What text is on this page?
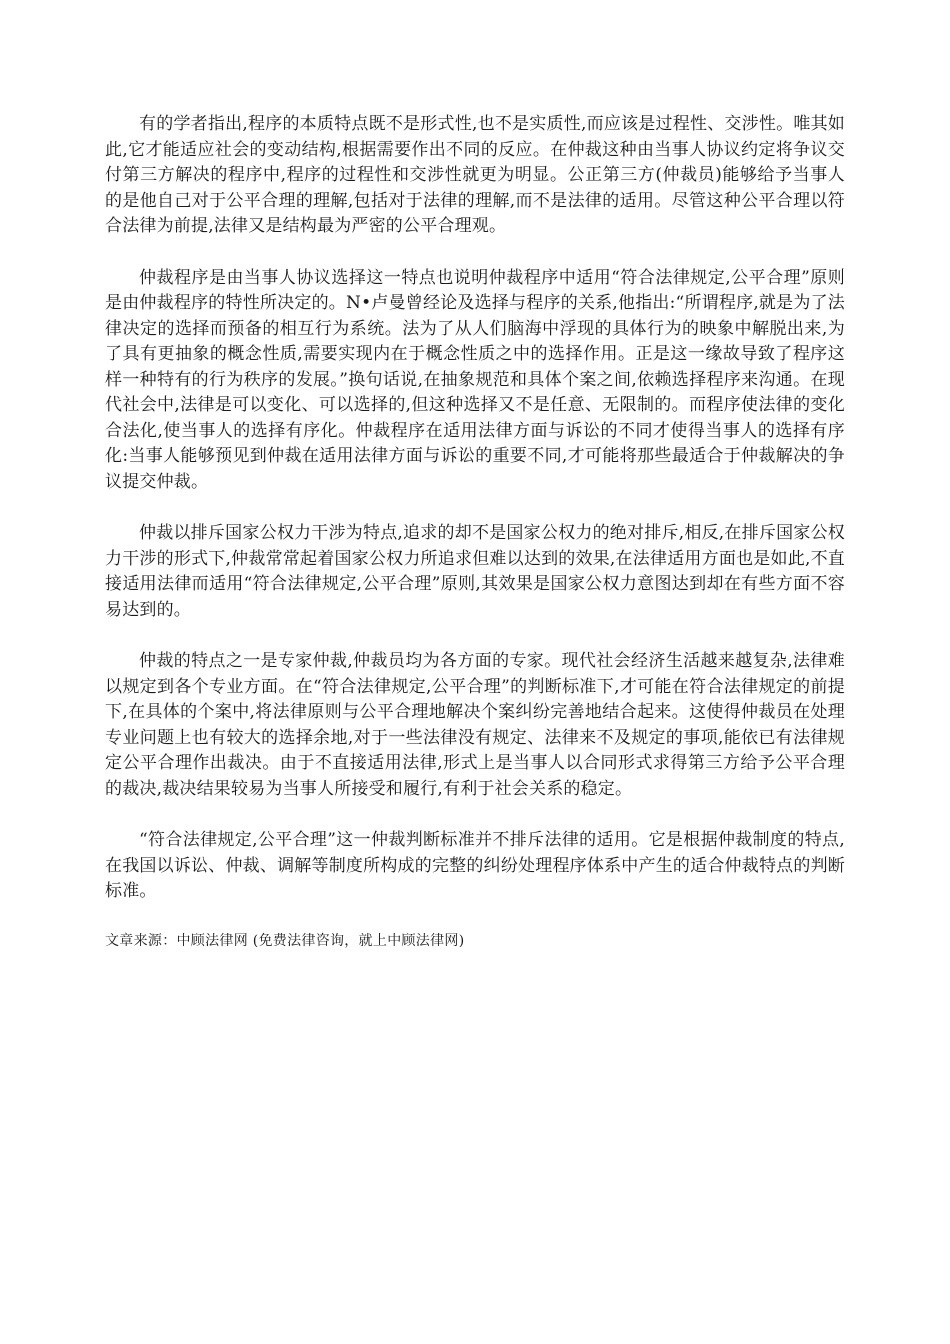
有的学者指出,程序的本质特点既不是形式性,也不是实质性,而应该是过程性、交涉性。唯其如此,它才能适应社会的变动结构,根据需要作出不同的反应。在仲裁这种由当事人协议约定将争议交付第三方解决的程序中,程序的过程性和交涉性就更为明显。公正第三方(仲裁员)能够给予当事人的是他自己对于公平合理的理解,包括对于法律的理解,而不是法律的适用。尽管这种公平合理以符合法律为前提,法律又是结构最为严密的公平合理观。

仲裁程序是由当事人协议选择这一特点也说明仲裁程序中适用“符合法律规定,公平合理”原则是由仲裁程序的特性所决定的。N•卢曼曾经论及选择与程序的关系,他指出:“所谓程序,就是为了法律决定的选择而预备的相互行为系统。法为了从人们脑海中浮现的具体行为的映象中解脱出来,为了具有更抽象的概念性质,需要实现内在于概念性质之中的选择作用。正是这一缘故导致了程序这样一种特有的行为秩序的发展。”换句话说,在抽象规范和具体个案之间,依赖选择程序来沟通。在现代社会中,法律是可以变化、可以选择的,但这种选择又不是任意、无限制的。而程序使法律的变化合法化,使当事人的选择有序化。仲裁程序在适用法律方面与诉讼的不同才使得当事人的选择有序化:当事人能够预见到仲裁在适用法律方面与诉讼的重要不同,才可能将那些最适合于仲裁解决的争议提交仲裁。

仲裁以排斥国家公权力干涉为特点,追求的却不是国家公权力的绝对排斥,相反,在排斥国家公权力干涉的形式下,仲裁常常起着国家公权力所追求但难以达到的效果,在法律适用方面也是如此,不直接适用法律而适用“符合法律规定,公平合理”原则,其效果是国家公权力意图达到却在有些方面不容易达到的。

仲裁的特点之一是专家仲裁,仲裁员均为各方面的专家。现代社会经济生活越来越复杂,法律难以规定到各个专业方面。在“符合法律规定,公平合理”的判断标准下,才可能在符合法律规定的前提下,在具体的个案中,将法律原则与公平合理地解决个案纠纷完善地结合起来。这使得仲裁员在处理专业问题上也有较大的选择余地,对于一些法律没有规定、法律来不及规定的事项,能依已有法律规定公平合理作出裁决。由于不直接适用法律,形式上是当事人以合同形式求得第三方给予公平合理的裁决,裁决结果较易为当事人所接受和履行,有利于社会关系的稳定。

“符合法律规定,公平合理”这一仲裁判断标准并不排斥法律的适用。它是根据仲裁制度的特点,在我国以诉讼、仲裁、调解等制度所构成的完整的纠纷处理程序体系中产生的适合仲裁特点的判断标准。

文章来源：中顾法律网 (免费法律咨询，就上中顾法律网)
